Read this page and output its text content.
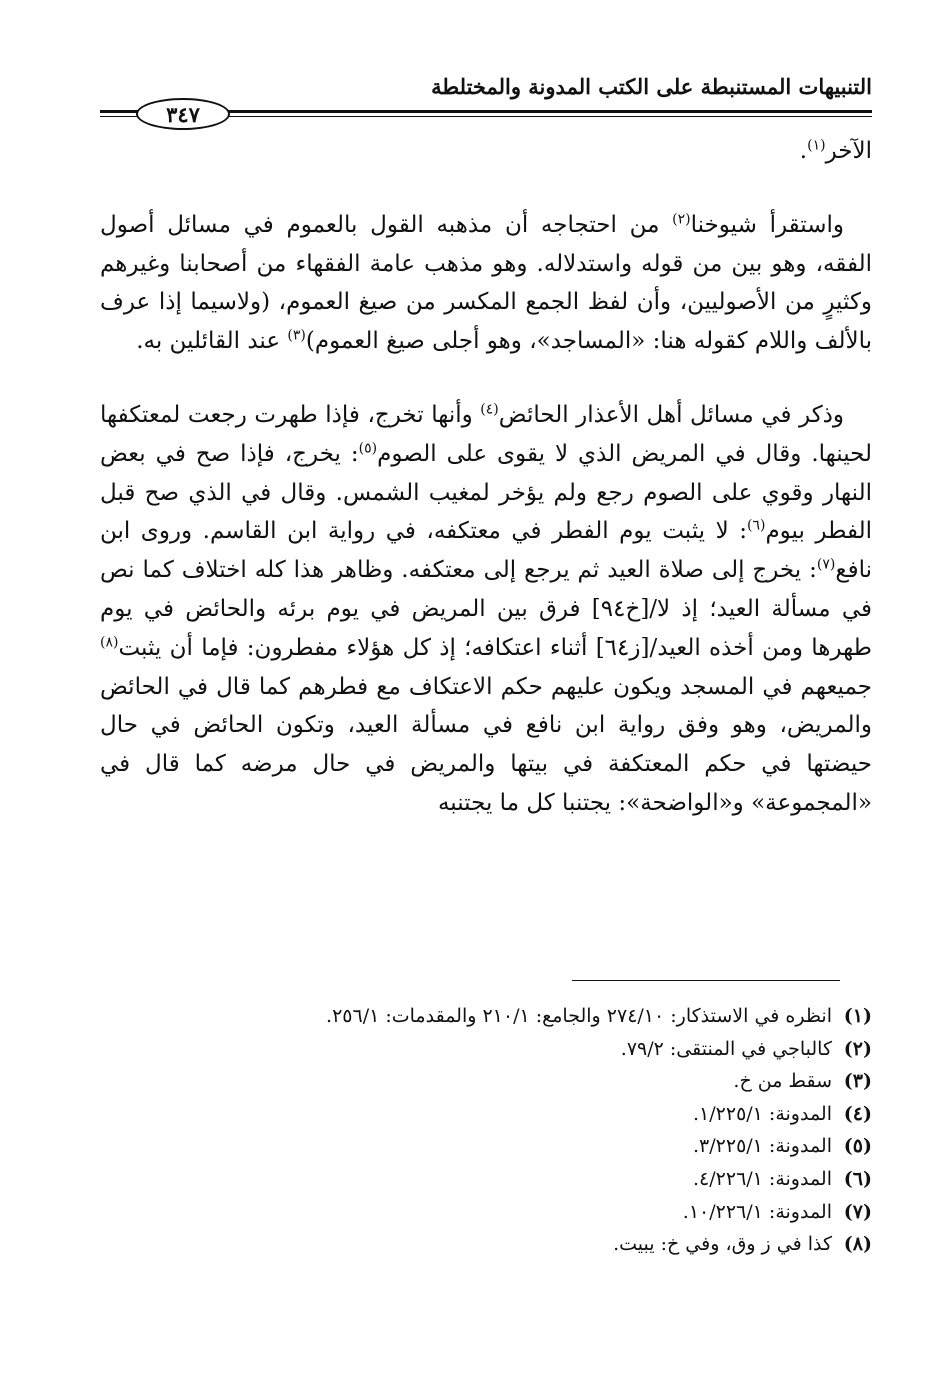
التنبيهات المستنبطة على الكتب المدونة والمختلطة
٣٤٧

الآخر$^{(١)}$.

واستقرأ شيوخنا$^{(٢)}$ من احتجاجه أن مذهبه القول بالعموم في مسائل أصول الفقه، وهو بين من قوله واستدلاله. وهو مذهب عامة الفقهاء من أصحابنا وغيرهم وكثيرٍ من الأصوليين، وأن لفظ الجمع المكسر من صيغ العموم، (ولاسيما إذا عرف بالألف واللام كقوله هنا: «المساجد»، وهو أجلى صيغ العموم)$^{(٣)}$ عند القائلين به.

وذكر في مسائل أهل الأعذار الحائض$^{(٤)}$ وأنها تخرج، فإذا طهرت رجعت لمعتكفها لحينها. وقال في المريض الذي لا يقوى على الصوم$^{(٥)}$: يخرج، فإذا صح في بعض النهار وقوي على الصوم رجع ولم يؤخر لمغيب الشمس. وقال في الذي صح قبل الفطر بيوم$^{(٦)}$: لا يثبت يوم الفطر في معتكفه، في رواية ابن القاسم. وروى ابن نافع$^{(٧)}$: يخرج إلى صلاة العيد ثم يرجع إلى معتكفه. وظاهر هذا كله اختلاف كما نص في مسألة العيد؛ إذ لا/[خ٩٤] فرق بين المريض في يوم برئه والحائض في يوم طهرها ومن أخذه العيد/[ز٦٤] أثناء اعتكافه؛ إذ كل هؤلاء مفطرون: فإما أن يثبت$^{(٨)}$ جميعهم في المسجد ويكون عليهم حكم الاعتكاف مع فطرهم كما قال في الحائض والمريض، وهو وفق رواية ابن نافع في مسألة العيد، وتكون الحائض في حال حيضتها في حكم المعتكفة في بيتها والمريض في حال مرضه كما قال في «المجموعة» و«الواضحة»: يجتنبا كل ما يجتنبه

(١)
انظره في الاستذكار: ٢٧٤/١٠ والجامع: ٢١٠/١ والمقدمات: ٢٥٦/١.
(٢)
كالباجي في المنتقى: ٧٩/٢.
(٣)
سقط من خ.
(٤)
المدونة: ١/٢٢٥/١.
(٥)
المدونة: ٣/٢٢٥/١.
(٦)
المدونة: ٤/٢٢٦/١.
(٧)
المدونة: ١٠/٢٢٦/١.
(٨)
كذا في ز وق، وفي خ: يبيت.
